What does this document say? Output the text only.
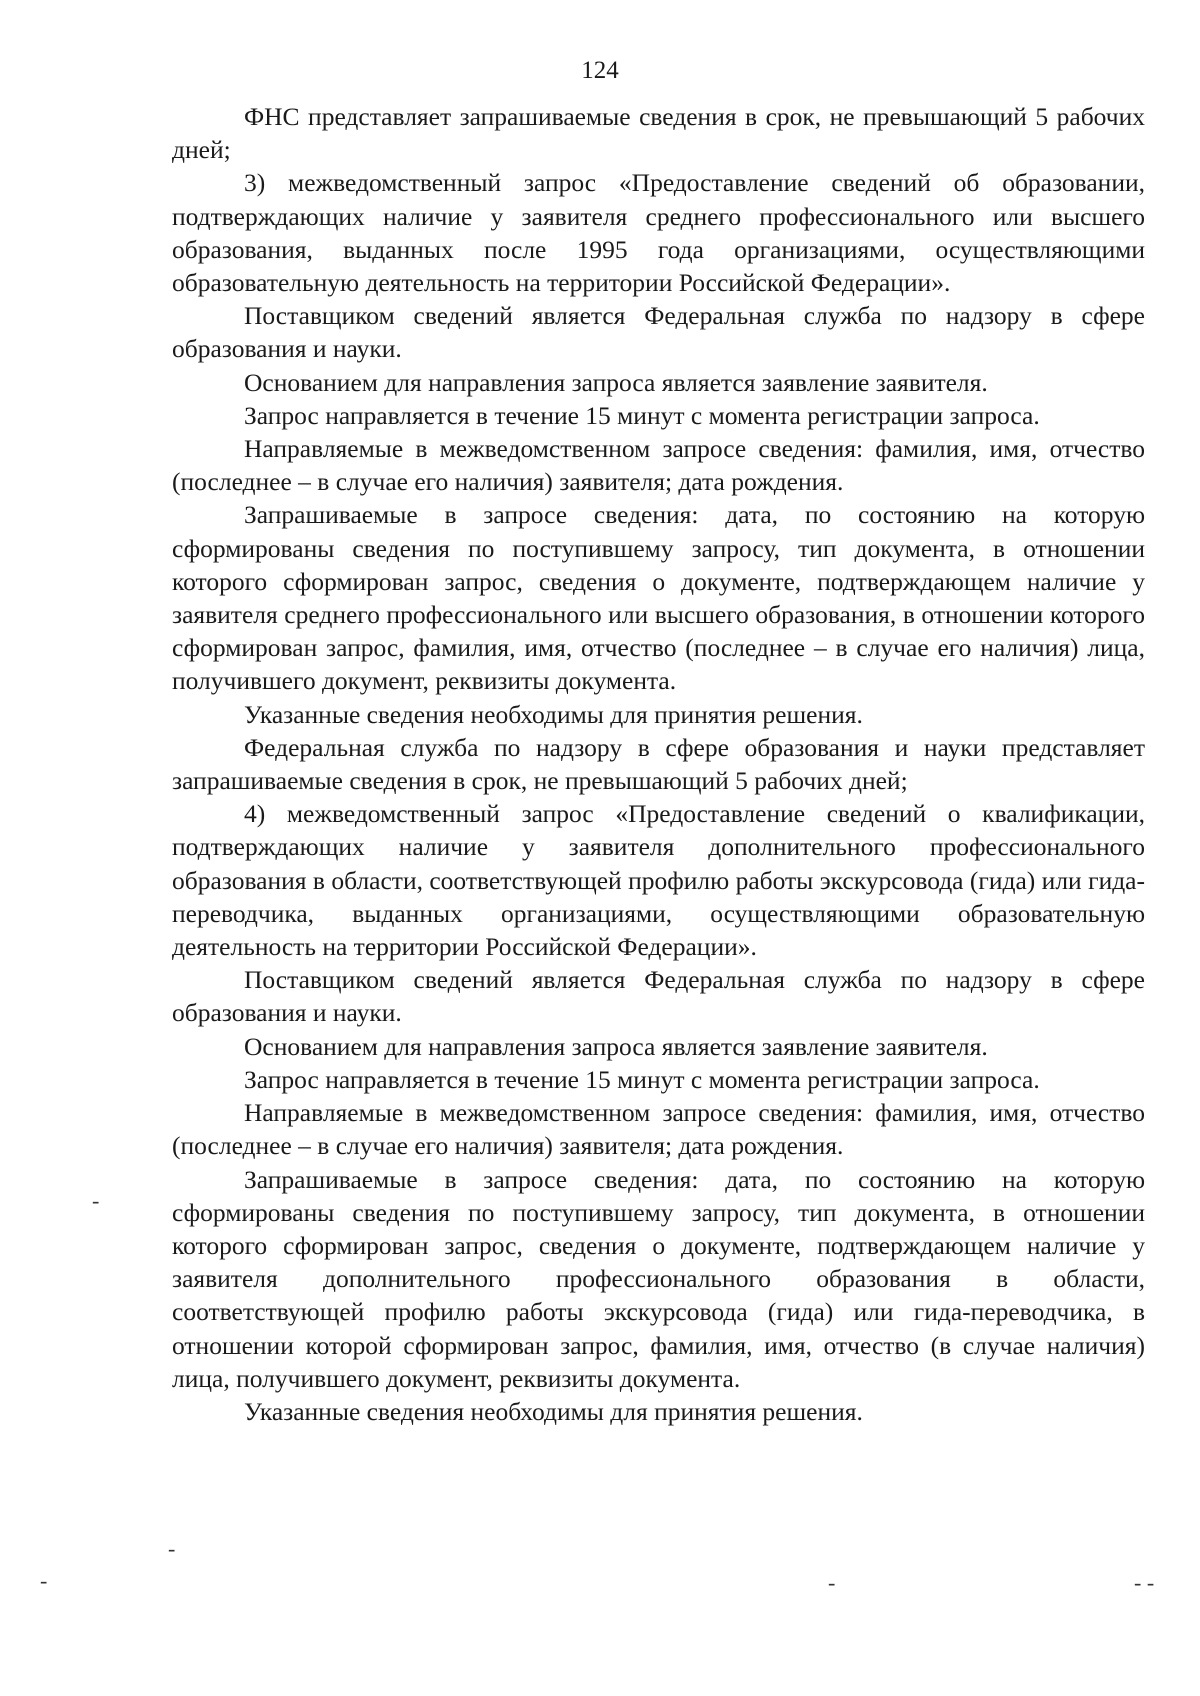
124

ФНС представляет запрашиваемые сведения в срок, не превышающий 5 рабочих дней;

3) межведомственный запрос «Предоставление сведений об образовании, подтверждающих наличие у заявителя среднего профессионального или высшего образования, выданных после 1995 года организациями, осуществляющими образовательную деятельность на территории Российской Федерации».

Поставщиком сведений является Федеральная служба по надзору в сфере образования и науки.

Основанием для направления запроса является заявление заявителя.

Запрос направляется в течение 15 минут с момента регистрации запроса.

Направляемые в межведомственном запросе сведения: фамилия, имя, отчество (последнее – в случае его наличия) заявителя; дата рождения.

Запрашиваемые в запросе сведения: дата, по состоянию на которую сформированы сведения по поступившему запросу, тип документа, в отношении которого сформирован запрос, сведения о документе, подтверждающем наличие у заявителя среднего профессионального или высшего образования, в отношении которого сформирован запрос, фамилия, имя, отчество (последнее – в случае его наличия) лица, получившего документ, реквизиты документа.

Указанные сведения необходимы для принятия решения.

Федеральная служба по надзору в сфере образования и науки представляет запрашиваемые сведения в срок, не превышающий 5 рабочих дней;

4) межведомственный запрос «Предоставление сведений о квалификации, подтверждающих наличие у заявителя дополнительного профессионального образования в области, соответствующей профилю работы экскурсовода (гида) или гида-переводчика, выданных организациями, осуществляющими образовательную деятельность на территории Российской Федерации».

Поставщиком сведений является Федеральная служба по надзору в сфере образования и науки.

Основанием для направления запроса является заявление заявителя.

Запрос направляется в течение 15 минут с момента регистрации запроса.

Направляемые в межведомственном запросе сведения: фамилия, имя, отчество (последнее – в случае его наличия) заявителя; дата рождения.

Запрашиваемые в запросе сведения: дата, по состоянию на которую сформированы сведения по поступившему запросу, тип документа, в отношении которого сформирован запрос, сведения о документе, подтверждающем наличие у заявителя дополнительного профессионального образования в области, соответствующей профилю работы экскурсовода (гида) или гида-переводчика, в отношении которой сформирован запрос, фамилия, имя, отчество (в случае наличия) лица, получившего документ, реквизиты документа.

Указанные сведения необходимы для принятия решения.

-
-	-	- -
-
